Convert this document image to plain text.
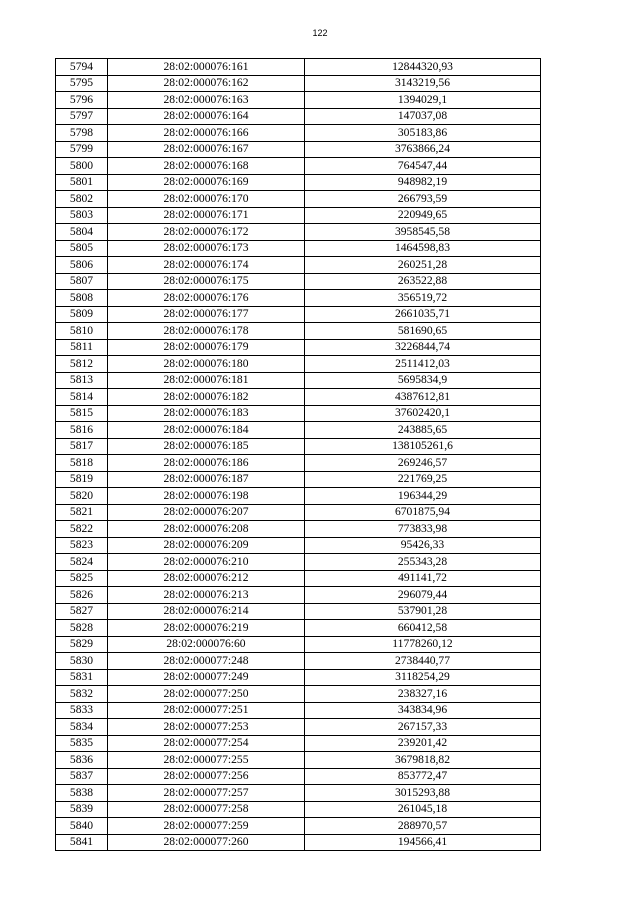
122
5794	28:02:000076:161	12844320,93
5795	28:02:000076:162	3143219,56
5796	28:02:000076:163	1394029,1
5797	28:02:000076:164	147037,08
5798	28:02:000076:166	305183,86
5799	28:02:000076:167	3763866,24
5800	28:02:000076:168	764547,44
5801	28:02:000076:169	948982,19
5802	28:02:000076:170	266793,59
5803	28:02:000076:171	220949,65
5804	28:02:000076:172	3958545,58
5805	28:02:000076:173	1464598,83
5806	28:02:000076:174	260251,28
5807	28:02:000076:175	263522,88
5808	28:02:000076:176	356519,72
5809	28:02:000076:177	2661035,71
5810	28:02:000076:178	581690,65
5811	28:02:000076:179	3226844,74
5812	28:02:000076:180	2511412,03
5813	28:02:000076:181	5695834,9
5814	28:02:000076:182	4387612,81
5815	28:02:000076:183	37602420,1
5816	28:02:000076:184	243885,65
5817	28:02:000076:185	138105261,6
5818	28:02:000076:186	269246,57
5819	28:02:000076:187	221769,25
5820	28:02:000076:198	196344,29
5821	28:02:000076:207	6701875,94
5822	28:02:000076:208	773833,98
5823	28:02:000076:209	95426,33
5824	28:02:000076:210	255343,28
5825	28:02:000076:212	491141,72
5826	28:02:000076:213	296079,44
5827	28:02:000076:214	537901,28
5828	28:02:000076:219	660412,58
5829	28:02:000076:60	11778260,12
5830	28:02:000077:248	2738440,77
5831	28:02:000077:249	3118254,29
5832	28:02:000077:250	238327,16
5833	28:02:000077:251	343834,96
5834	28:02:000077:253	267157,33
5835	28:02:000077:254	239201,42
5836	28:02:000077:255	3679818,82
5837	28:02:000077:256	853772,47
5838	28:02:000077:257	3015293,88
5839	28:02:000077:258	261045,18
5840	28:02:000077:259	288970,57
5841	28:02:000077:260	194566,41
